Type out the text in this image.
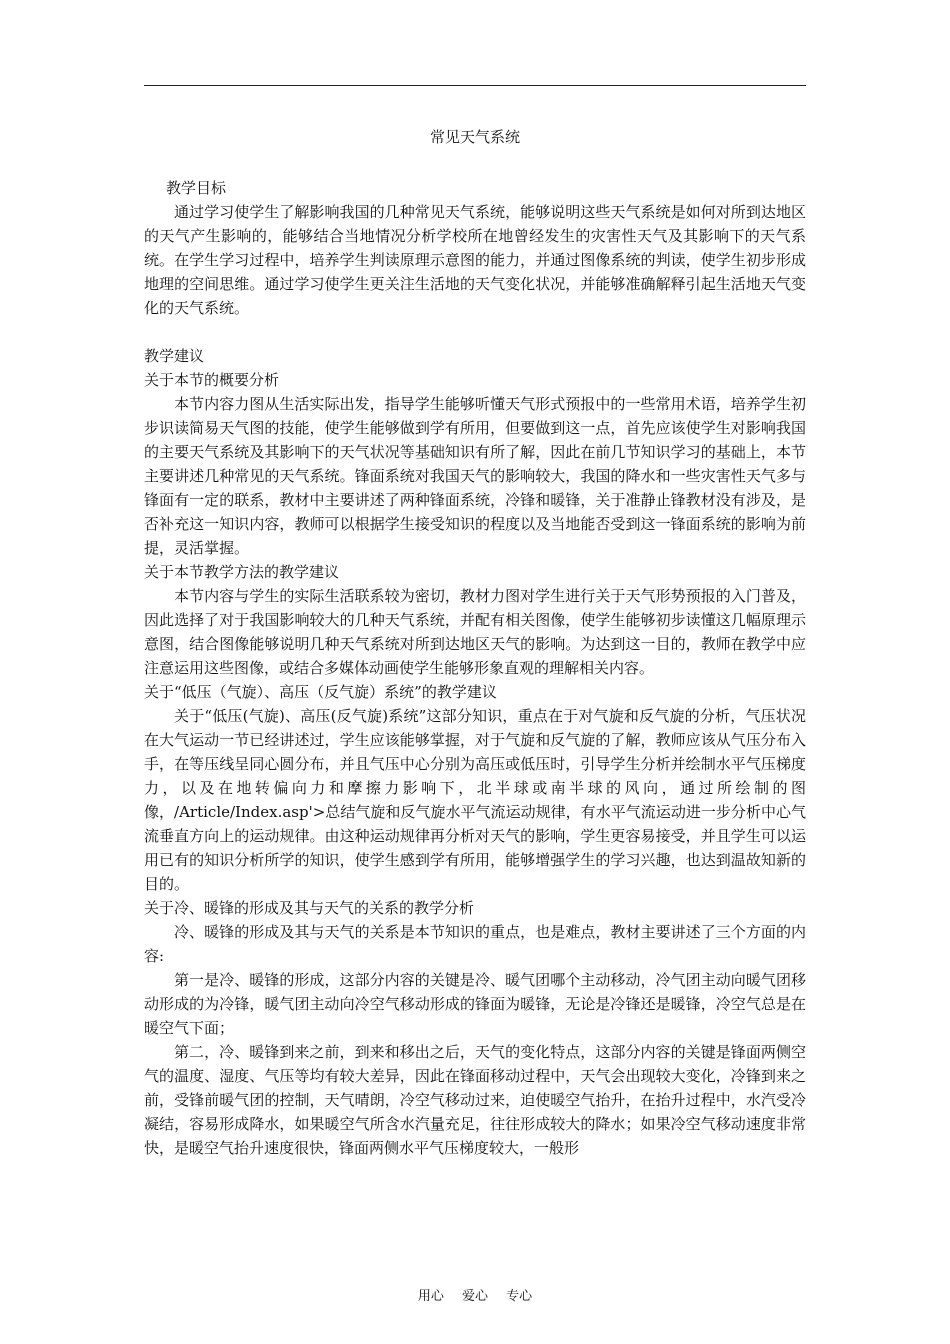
常见天气系统

教学目标

通过学习使学生了解影响我国的几种常见天气系统，能够说明这些天气系统是如何对所到达地区的天气产生影响的，能够结合当地情况分析学校所在地曾经发生的灾害性天气及其影响下的天气系统。在学生学习过程中，培养学生判读原理示意图的能力，并通过图像系统的判读，使学生初步形成地理的空间思维。通过学习使学生更关注生活地的天气变化状况，并能够准确解释引起生活地天气变化的天气系统。

教学建议

关于本节的概要分析

本节内容力图从生活实际出发，指导学生能够听懂天气形式预报中的一些常用术语，培养学生初步识读简易天气图的技能，使学生能够做到学有所用，但要做到这一点，首先应该使学生对影响我国的主要天气系统及其影响下的天气状况等基础知识有所了解，因此在前几节知识学习的基础上，本节主要讲述几种常见的天气系统。锋面系统对我国天气的影响较大，我国的降水和一些灾害性天气多与锋面有一定的联系，教材中主要讲述了两种锋面系统，冷锋和暖锋，关于准静止锋教材没有涉及，是否补充这一知识内容，教师可以根据学生接受知识的程度以及当地能否受到这一锋面系统的影响为前提，灵活掌握。

关于本节教学方法的教学建议

本节内容与学生的实际生活联系较为密切，教材力图对学生进行关于天气形势预报的入门普及，因此选择了对于我国影响较大的几种天气系统，并配有相关图像，使学生能够初步读懂这几幅原理示意图，结合图像能够说明几种天气系统对所到达地区天气的影响。为达到这一目的，教师在教学中应注意运用这些图像，或结合多媒体动画使学生能够形象直观的理解相关内容。

关于“低压（气旋）、高压（反气旋）系统”的教学建议

关于“低压(气旋)、高压(反气旋)系统”这部分知识，重点在于对气旋和反气旋的分析，气压状况在大气运动一节已经讲述过，学生应该能够掌握，对于气旋和反气旋的了解，教师应该从气压分布入手，在等压线呈同心圆分布，并且气压中心分别为高压或低压时，引导学生分析并绘制水平气压梯度力，以及在地转偏向力和摩擦力影响下，北半球或南半球的风向，通过所绘制的图像，/Article/Index.asp'>总结气旋和反气旋水平气流运动规律，有水平气流运动进一步分析中心气流垂直方向上的运动规律。由这种运动规律再分析对天气的影响，学生更容易接受，并且学生可以运用已有的知识分析所学的知识，使学生感到学有所用，能够增强学生的学习兴趣，也达到温故知新的目的。

关于冷、暖锋的形成及其与天气的关系的教学分析

冷、暖锋的形成及其与天气的关系是本节知识的重点，也是难点，教材主要讲述了三个方面的内容:

第一是冷、暖锋的形成，这部分内容的关键是冷、暖气团哪个主动移动，冷气团主动向暖气团移动形成的为冷锋，暖气团主动向冷空气移动形成的锋面为暖锋，无论是冷锋还是暖锋，冷空气总是在暖空气下面；

第二，冷、暖锋到来之前，到来和移出之后，天气的变化特点，这部分内容的关键是锋面两侧空气的温度、湿度、气压等均有较大差异，因此在锋面移动过程中，天气会出现较大变化，冷锋到来之前，受锋前暖气团的控制，天气晴朗，冷空气移动过来，迫使暖空气抬升，在抬升过程中，水汽受冷凝结，容易形成降水，如果暖空气所含水汽量充足，往往形成较大的降水；如果冷空气移动速度非常快，是暖空气抬升速度很快，锋面两侧水平气压梯度较大，一般形

用心 爱心 专心
